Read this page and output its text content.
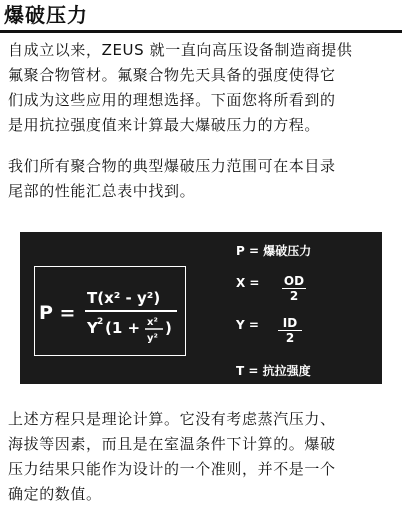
爆破压力

自成立以来，ZEUS 就一直向高压设备制造商提供
氟聚合物管材。氟聚合物先天具备的强度使得它
们成为这些应用的理想选择。下面您将所看到的
是用抗拉强度值来计算最大爆破压力的方程。

我们所有聚合物的典型爆破压力范围可在本目录
尾部的性能汇总表中找到。

P =
T(x² - y²)
Y 2 (1 + x²
y²
)
P = 爆破压力
$X = \frac{OD}{2}$
$Y = \frac{ID}{2}$
T = 抗拉强度

上述方程只是理论计算。它没有考虑蒸汽压力、
海拔等因素，而且是在室温条件下计算的。爆破
压力结果只能作为设计的一个准则，并不是一个
确定的数值。
